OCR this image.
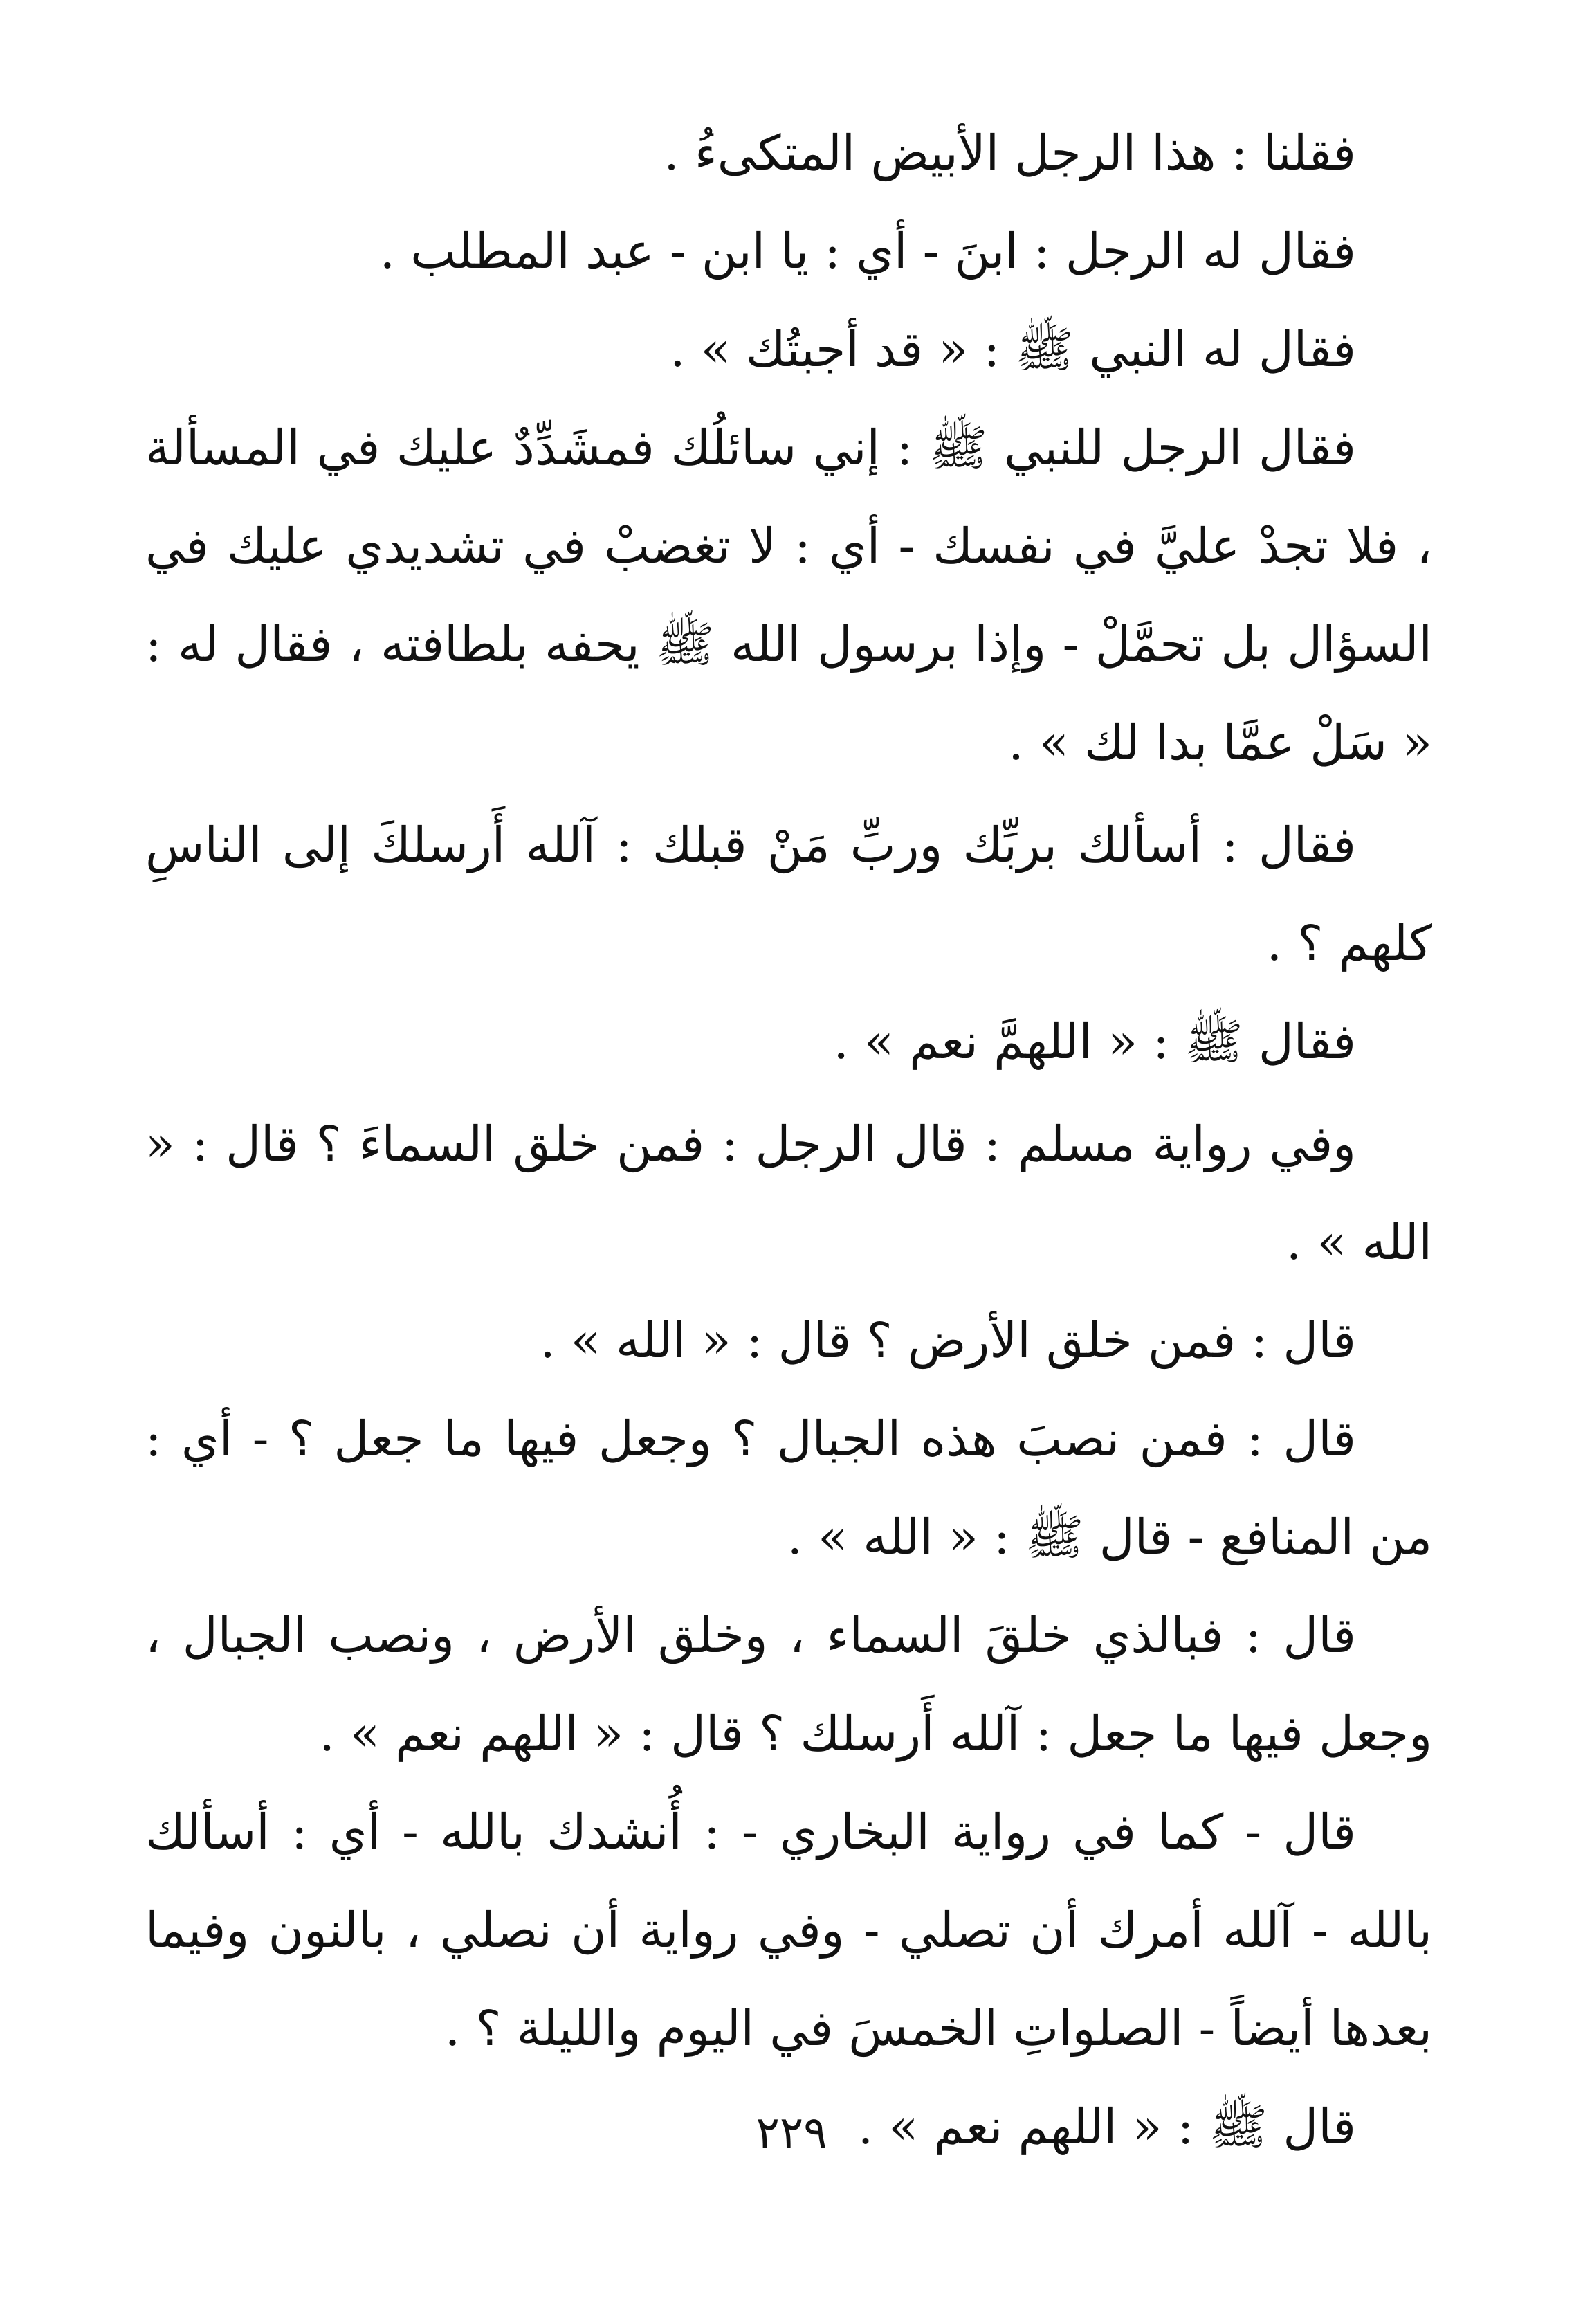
فقلنا : هذا الرجل الأبيض المتكىءُ .

فقال له الرجل : ابنَ - أي : يا ابن - عبد المطلب .

فقال له النبي ﷺ : « قد أجبتُك » .

فقال الرجل للنبي ﷺ : إني سائلُك فمشَدِّدٌ عليك في المسألة ، فلا تجدْ عليَّ في نفسك - أي : لا تغضبْ في تشديدي عليك في السؤال بل تحمَّلْ - وإذا برسول الله ﷺ يحفه بلطافته ، فقال له : « سَلْ عمَّا بدا لك » .

فقال : أسألك بربِّك وربِّ مَنْ قبلك : آلله أَرسلكَ إلى الناسِ كلهم ؟ .

فقال ﷺ : « اللهمَّ نعم » .

وفي رواية مسلم : قال الرجل : فمن خلق السماءَ ؟ قال : « الله » .

قال : فمن خلق الأرض ؟ قال : « الله » .

قال : فمن نصبَ هذه الجبال ؟ وجعل فيها ما جعل ؟ - أي : من المنافع - قال ﷺ : « الله » .

قال : فبالذي خلقَ السماء ، وخلق الأرض ، ونصب الجبال ، وجعل فيها ما جعل : آلله أَرسلك ؟ قال : « اللهم نعم » .

قال - كما في رواية البخاري - : أُنشدك بالله - أي : أسألك بالله - آلله أمرك أن تصلي - وفي رواية أن نصلي ، بالنون وفيما بعدها أيضاً - الصلواتِ الخمسَ في اليوم والليلة ؟ .

قال ﷺ : « اللهم نعم » .

٢٢٩
